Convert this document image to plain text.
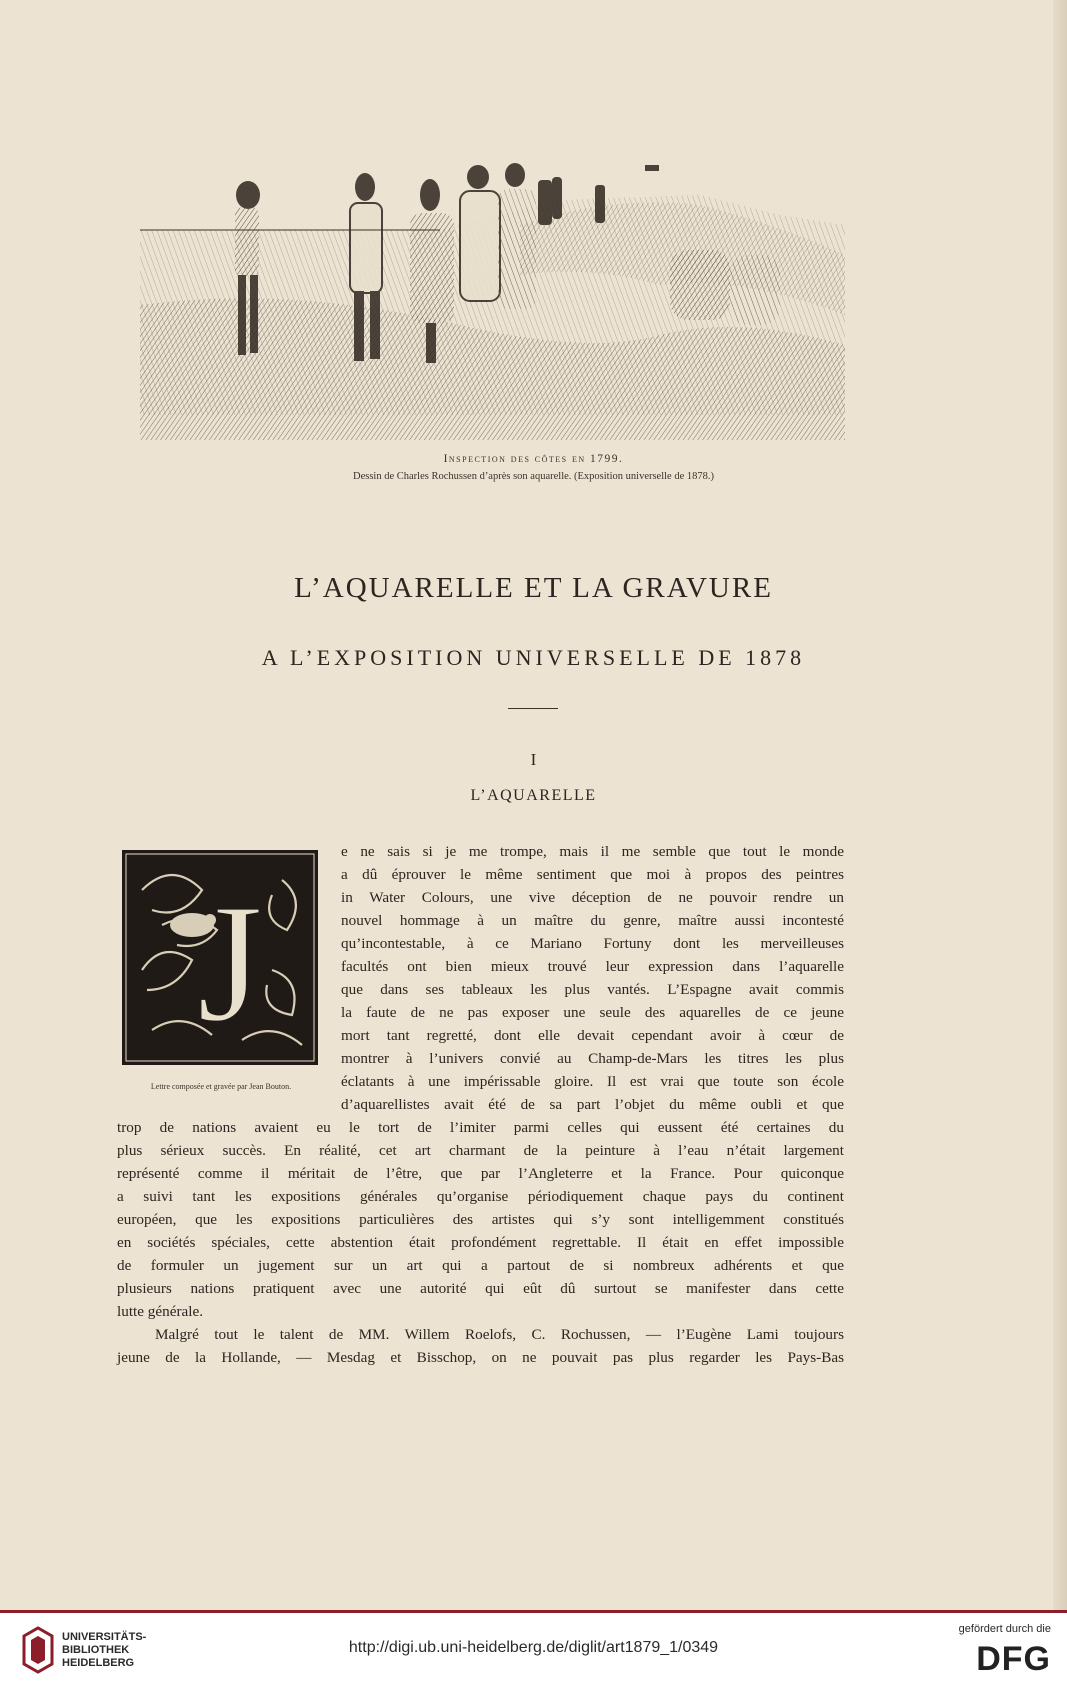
Inspection des côtes en 1799.
Dessin de Charles Rochussen d’après son aquarelle. (Exposition universelle de 1878.)
L’AQUARELLE ET LA GRAVURE
A L’EXPOSITION UNIVERSELLE DE 1878
I
L’AQUARELLE
J
Lettre composée et gravée par Jean Bouton.
e ne sais si je me trompe, mais il me semble que tout le monde
a dû éprouver le même sentiment que moi à propos des peintres
in Water Colours, une vive déception de ne pouvoir rendre un
nouvel hommage à un maître du genre, maître aussi incontesté
qu’incontestable, à ce Mariano Fortuny dont les merveilleuses
facultés ont bien mieux trouvé leur expression dans l’aquarelle
que dans ses tableaux les plus vantés. L’Espagne avait commis
la faute de ne pas exposer une seule des aquarelles de ce jeune
mort tant regretté, dont elle devait cependant avoir à cœur de
montrer à l’univers convié au Champ-de-Mars les titres les plus
éclatants à une impérissable gloire. Il est vrai que toute son école
d’aquarellistes avait été de sa part l’objet du même oubli et que
trop de nations avaient eu le tort de l’imiter parmi celles qui eussent été certaines du
plus sérieux succès. En réalité, cet art charmant de la peinture à l’eau n’était largement
représenté comme il méritait de l’être, que par l’Angleterre et la France. Pour quiconque
a suivi tant les expositions générales qu’organise périodiquement chaque pays du continent
européen, que les expositions particulières des artistes qui s’y sont intelligemment constitués
en sociétés spéciales, cette abstention était profondément regrettable. Il était en effet impossible
de formuler un jugement sur un art qui a partout de si nombreux adhérents et que
plusieurs nations pratiquent avec une autorité qui eût dû surtout se manifester dans cette
lutte générale.
Malgré tout le talent de MM. Willem Roelofs, C. Rochussen, — l’Eugène Lami toujours
jeune de la Hollande, — Mesdag et Bisschop, on ne pouvait pas plus regarder les Pays-Bas
UNIVERSITÄTS-
BIBLIOTHEK
HEIDELBERG
http://digi.ub.uni-heidelberg.de/diglit/art1879_1/0349
gefördert durch die
DFG
